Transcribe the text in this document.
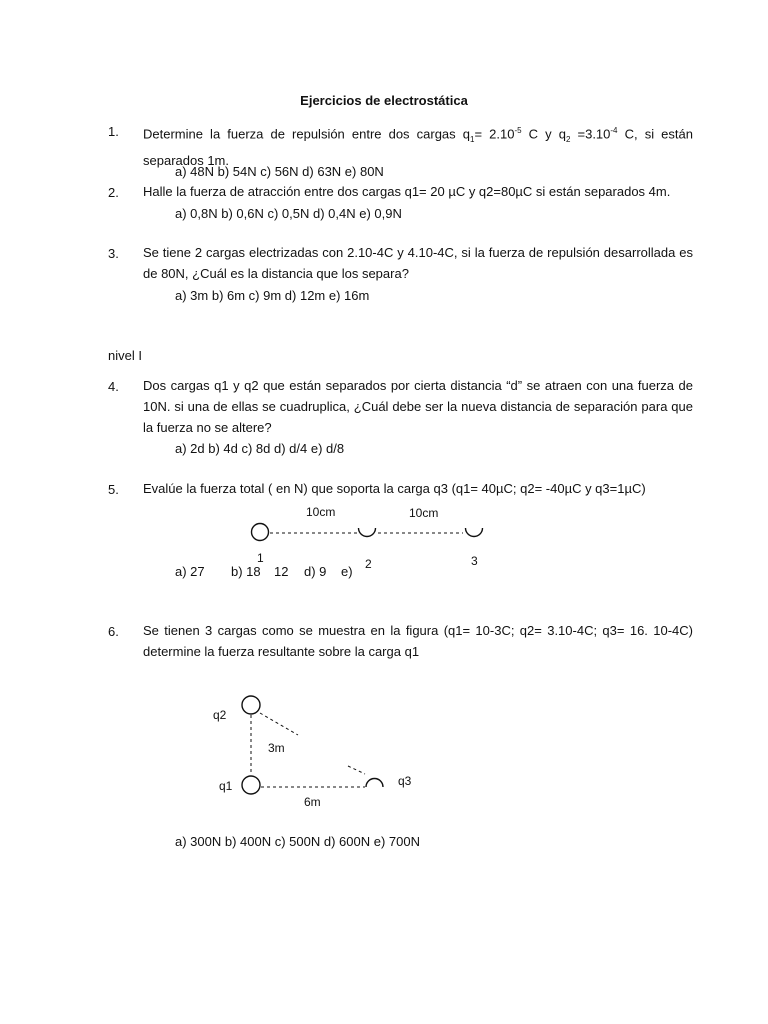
Ejercicios de electrostática
1. Determine la fuerza de repulsión entre dos cargas $q_1= 2.10^{-5}$ C y $q_2 =3.10^{-4}$ C, si están separados 1m.
a) 48N b) 54N c) 56N d) 63N e) 80N
2. Halle la fuerza de atracción entre dos cargas q1= 20 µC y q2=80µC si están separados 4m.
a) 0,8N b) 0,6N c) 0,5N d) 0,4N e) 0,9N
3. Se tiene 2 cargas electrizadas con 2.10-4C y 4.10-4C, si la fuerza de repulsión desarrollada es de 80N, ¿Cuál es la distancia que los separa?
a) 3m b) 6m c) 9m d) 12m e) 16m
nivel I
4. Dos cargas q1 y q2 que están separados por cierta distancia “d” se atraen con una fuerza de 10N. si una de ellas se cuadruplica, ¿Cuál debe ser la nueva distancia de separación para que la fuerza no se altere?
a) 2d b) 4d c) 8d d) d/4 e) d/8
5. Evalúe la fuerza total ( en N) que soporta la carga q3 (q1= 40µC; q2= -40µC y q3=1µC)
10cm	10cm
1	2	3
a) 27 b) 18 12 d) 9 e)
6. Se tienen 3 cargas como se muestra en la figura (q1= 10-3C; q2= 3.10-4C; q3= 16. 10-4C) determine la fuerza resultante sobre la carga q1
q2
q1	q3
3m
6m
a) 300N b) 400N c) 500N d) 600N e) 700N
